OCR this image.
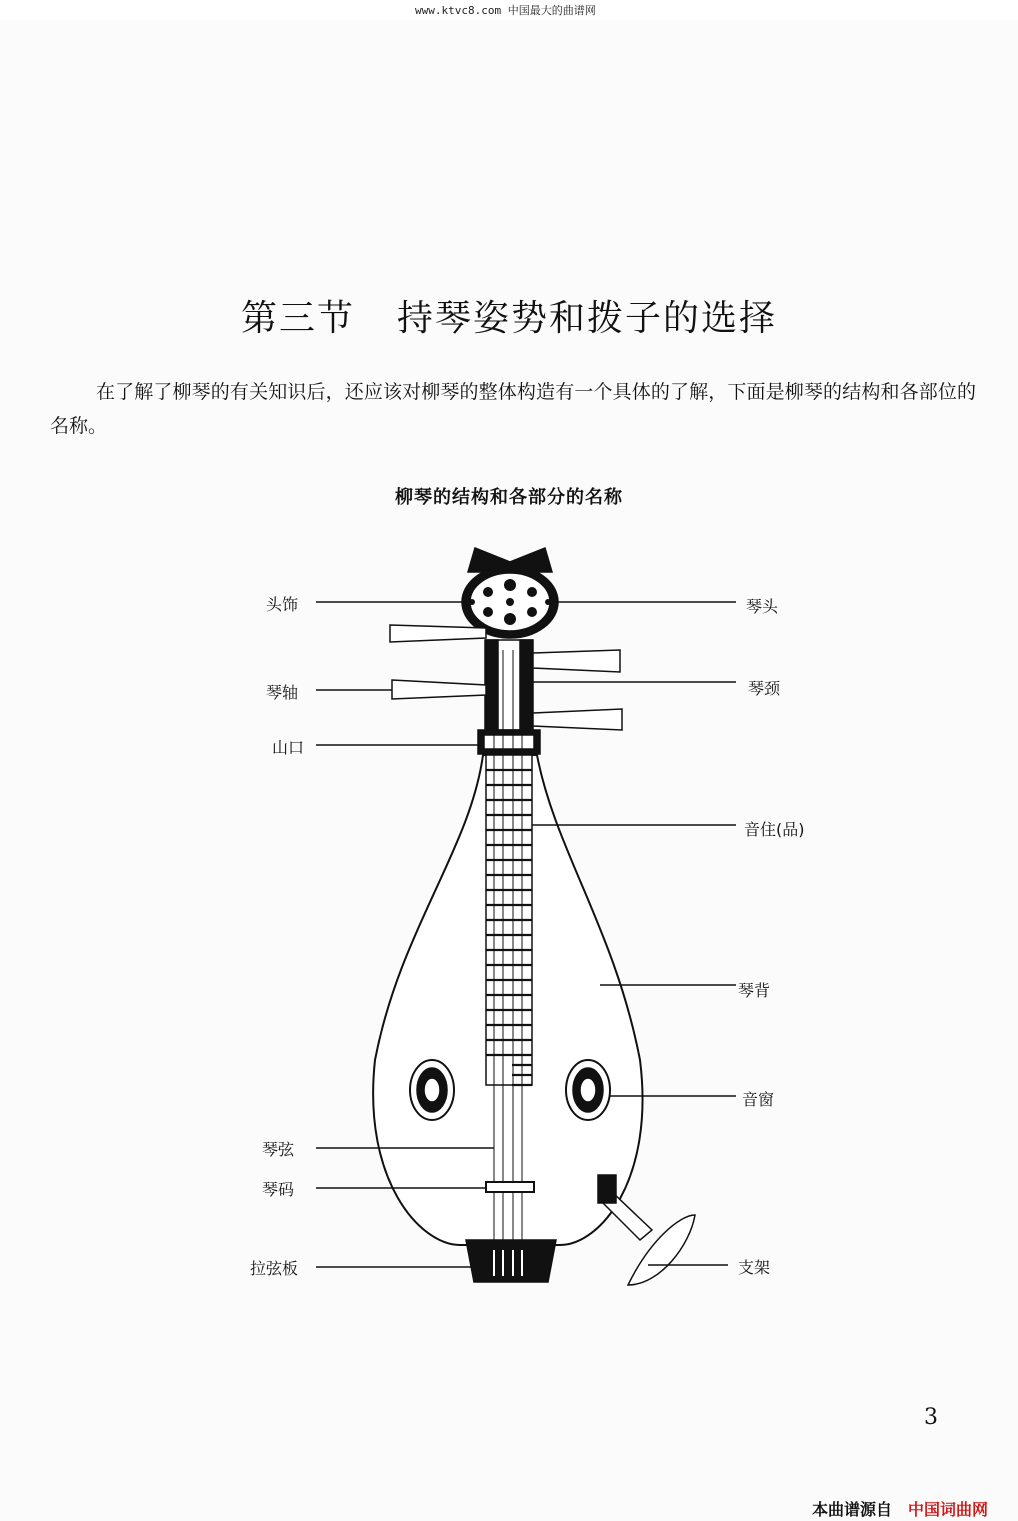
www.ktvc8.com 中国最大的曲谱网
第三节 持琴姿势和拨子的选择
在了解了柳琴的有关知识后，还应该对柳琴的整体构造有一个具体的了解，下面是柳琴的结构和各部位的名称。
柳琴的结构和各部分的名称
头饰
琴轴
山口
琴弦
琴码
拉弦板
琴头
琴颈
音住(品)
琴背
音窗
支架
3
本曲谱源自 中国词曲网
